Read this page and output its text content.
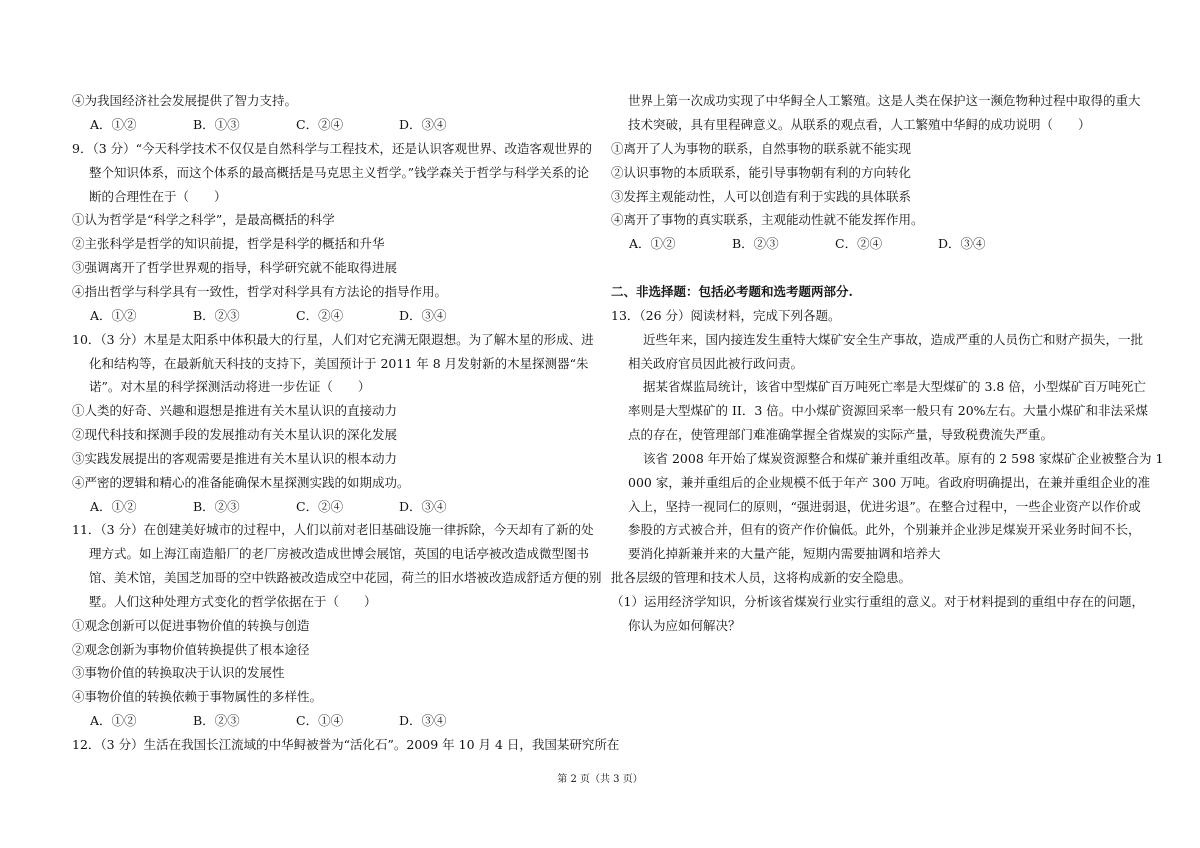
④为我国经济社会发展提供了智力支持。
A．①②	B．①③	C．②④	D．③④
9．（3 分）“今天科学技术不仅仅是自然科学与工程技术，还是认识客观世界、改造客观世界的
整个知识体系，而这个体系的最高概括是马克思主义哲学。”钱学森关于哲学与科学关系的论
断的合理性在于（　　）
①认为哲学是“科学之科学”，是最高概括的科学
②主张科学是哲学的知识前提，哲学是科学的概括和升华
③强调离开了哲学世界观的指导，科学研究就不能取得进展
④指出哲学与科学具有一致性，哲学对科学具有方法论的指导作用。
A．①②	B．②③	C．②④	D．③④
10．（3 分）木星是太阳系中体积最大的行星，人们对它充满无限遐想。为了解木星的形成、进
化和结构等，在最新航天科技的支持下，美国预计于 2011 年 8 月发射新的木星探测器“朱
诺”。对木星的科学探测活动将进一步佐证（　　）
①人类的好奇、兴趣和遐想是推进有关木星认识的直接动力
②现代科技和探测手段的发展推动有关木星认识的深化发展
③实践发展提出的客观需要是推进有关木星认识的根本动力
④严密的逻辑和精心的准备能确保木星探测实践的如期成功。
A．①②	B．②③	C．②④	D．③④
11．（3 分）在创建美好城市的过程中，人们以前对老旧基础设施一律拆除，今天却有了新的处
理方式。如上海江南造船厂的老厂房被改造成世博会展馆，英国的电话亭被改造成微型图书
馆、美术馆，美国芝加哥的空中铁路被改造成空中花园，荷兰的旧水塔被改造成舒适方便的别
墅。人们这种处理方式变化的哲学依据在于（　　）
①观念创新可以促进事物价值的转换与创造
②观念创新为事物价值转换提供了根本途径
③事物价值的转换取决于认识的发展性
④事物价值的转换依赖于事物属性的多样性。
A．①②	B．②③	C．①④	D．③④
12．（3 分）生活在我国长江流域的中华鲟被誉为“活化石”。2009 年 10 月 4 日，我国某研究所在
世界上第一次成功实现了中华鲟全人工繁殖。这是人类在保护这一濒危物种过程中取得的重大
技术突破，具有里程碑意义。从联系的观点看，人工繁殖中华鲟的成功说明（　　）
①离开了人为事物的联系，自然事物的联系就不能实现
②认识事物的本质联系，能引导事物朝有利的方向转化
③发挥主观能动性，人可以创造有利于实践的具体联系
④离开了事物的真实联系，主观能动性就不能发挥作用。
A．①②	B．②③	C．②④	D．③④
二、非选择题：包括必考题和选考题两部分.
13．（26 分）阅读材料，完成下列各题。
近些年来，国内接连发生重特大煤矿安全生产事故，造成严重的人员伤亡和财产损失，一批
相关政府官员因此被行政问责。
据某省煤监局统计，该省中型煤矿百万吨死亡率是大型煤矿的 3.8 倍，小型煤矿百万吨死亡
率则是大型煤矿的 II．3 倍。中小煤矿资源回采率一般只有 20%左右。大量小煤矿和非法采煤
点的存在，使管理部门难准确掌握全省煤炭的实际产量，导致税费流失严重。
该省 2008 年开始了煤炭资源整合和煤矿兼并重组改革。原有的 2 598 家煤矿企业被整合为 1
000 家，兼并重组后的企业规模不低于年产 300 万吨。省政府明确提出，在兼并重组企业的准
入上，坚持一视同仁的原则，“强进弱退，优进劣退”。在整合过程中，一些企业资产以作价或
参股的方式被合并，但有的资产作价偏低。此外，个别兼并企业涉足煤炭开采业务时间不长，
要消化掉新兼并来的大量产能，短期内需要抽调和培养大
批各层级的管理和技术人员，这将构成新的安全隐患。
（1）运用经济学知识，分析该省煤炭行业实行重组的意义。对于材料提到的重组中存在的问题，
你认为应如何解决？
第 2 页（共 3 页）
